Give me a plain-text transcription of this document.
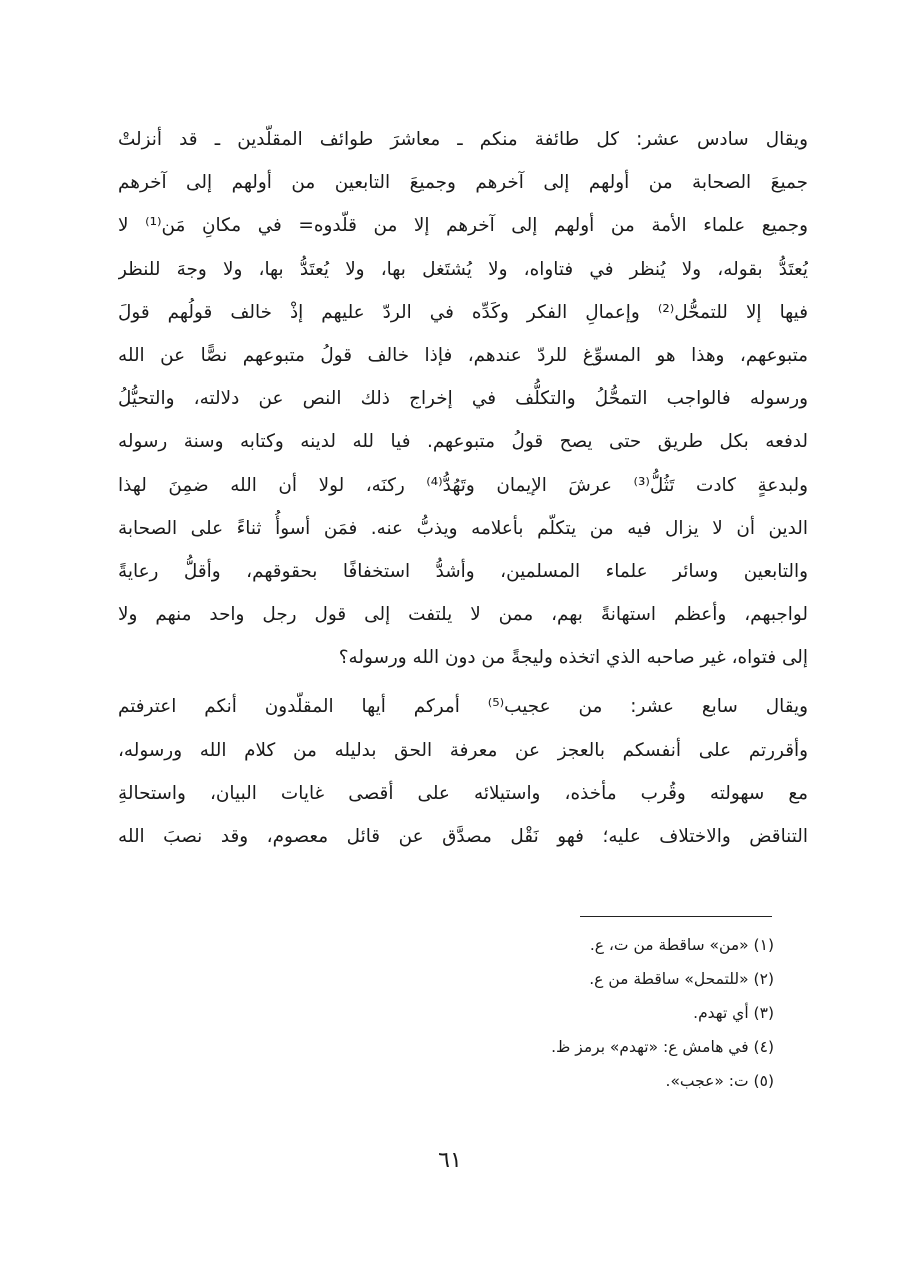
ويقال سادس عشر: كل طائفة منكم ـ معاشرَ طوائف المقلّدين ـ قد أنزلتْ
جميعَ الصحابة من أولهم إلى آخرهم وجميعَ التابعين من أولهم إلى آخرهم
وجميع علماء الأمة من أولهم إلى آخرهم إلا من قلّدوه= في مكانِ مَن⁽¹⁾ لا
يُعتَدُّ بقوله، ولا يُنظر في فتاواه، ولا يُشتَغل بها، ولا يُعتَدُّ بها، ولا وجهَ للنظر
فيها إلا للتمحُّل⁽²⁾ وإعمالِ الفكر وكَدِّه في الردّ عليهم إذْ خالف قولُهم قولَ
متبوعهم، وهذا هو المسوِّغ للردّ عندهم، فإذا خالف قولُ متبوعهم نصًّا عن الله
ورسوله فالواجب التمحُّلُ والتكلُّف في إخراج ذلك النص عن دلالته، والتحيُّلُ
لدفعه بكل طريق حتى يصح قولُ متبوعهم. فيا لله لدينه وكتابه وسنة رسوله
ولبدعةٍ كادت تَثُلُّ⁽³⁾ عرشَ الإيمان وتَهُدُّ⁽⁴⁾ ركنَه، لولا أن الله ضمِنَ لهذا
الدين أن لا يزال فيه من يتكلّم بأعلامه ويذبُّ عنه. فمَن أسوأُ ثناءً على الصحابة
والتابعين وسائر علماء المسلمين، وأشدُّ استخفافًا بحقوقهم، وأقلُّ رعايةً
لواجبهم، وأعظم استهانةً بهم، ممن لا يلتفت إلى قول رجل واحد منهم ولا
إلى فتواه، غير صاحبه الذي اتخذه وليجةً من دون الله ورسوله؟
ويقال سابع عشر: من عجيب⁽⁵⁾ أمركم أيها المقلّدون أنكم اعترفتم
وأقررتم على أنفسكم بالعجز عن معرفة الحق بدليله من كلام الله ورسوله،
مع سهولته وقُرب مأخذه، واستيلائه على أقصى غايات البيان، واستحالةِ
التناقض والاختلاف عليه؛ فهو نَقْل مصدَّق عن قائل معصوم، وقد نصبَ الله
(١) «من» ساقطة من ت، ع.
(٢) «للتمحل» ساقطة من ع.
(٣) أي تهدم.
(٤) في هامش ع: «تهدم» برمز ظ.
(٥) ت: «عجب».
٦١
